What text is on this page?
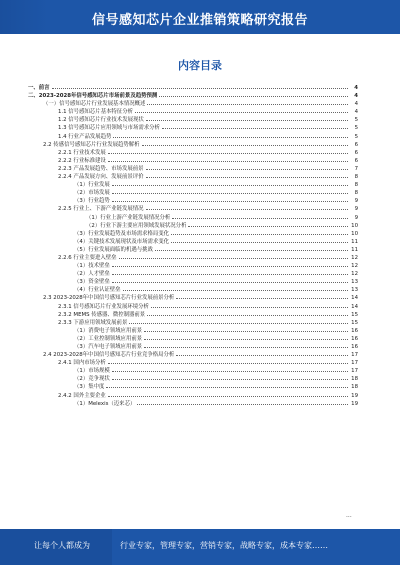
信号感知芯片企业推销策略研究报告
内容目录
一、前言	4
二、2023-2028年信号感知芯片市场前景及趋势预测	4
（一）信号感知芯片行业发展基本情况概述	4
1.1 信号感知芯片基本特征分析	4
1.2 信号感知芯片行业技术发展现状	5
1.3 信号感知芯片应用领域与市场需求分析	5
1.4 行业产品发展趋势	5
2.2 传感信号感知芯片行业发展趋势解析	6
2.2.1 行业技术发展	6
2.2.2 行业标准建设	6
2.2.3 产品发展趋势、市场发展前景	7
2.2.4 产品发展方向、发展前景评价	8
（1）行业发展	8
（2）市场发展	8
（3）行业趋势	9
2.2.5 行业上、下游产业链发展情况	9
（1）行业上游产业链发展情况分析	9
（2）行业下游主要应用领域发展状况分析	10
（3）行业发展趋势及市场需求格局变化	10
（4）关键技术发展现状及市场需求变化	11
（5）行业发展面临的机遇与挑战	11
2.2.6 行业主要进入壁垒	12
（1）技术壁垒	12
（2）人才壁垒	12
（3）资金壁垒	13
（4）行业认证壁垒	13
2.3 2023-2028年中国信号感知芯片行业发展前景分析	14
2.3.1 信号感知芯片行业发展环境分析	14
2.3.2 MEMS 传感器、微控制器前景	15
2.3.3 下游应用领域发展前景	15
（1）消费电子领域应用前景	16
（2）工业控制领域应用前景	16
（3）汽车电子领域应用前景	16
2.4 2023-2028年中国信号感知芯片行业竞争格局分析	17
2.4.1 国内市场分析	17
（1）市场规模	17
（2）竞争现状	18
（3）集中度	18
2.4.2 国外主要企业	19
（1）Melexis（迈来芯）	19
...
让每个人都成为	行业专家，管理专家，营销专家，战略专家，成本专家……
